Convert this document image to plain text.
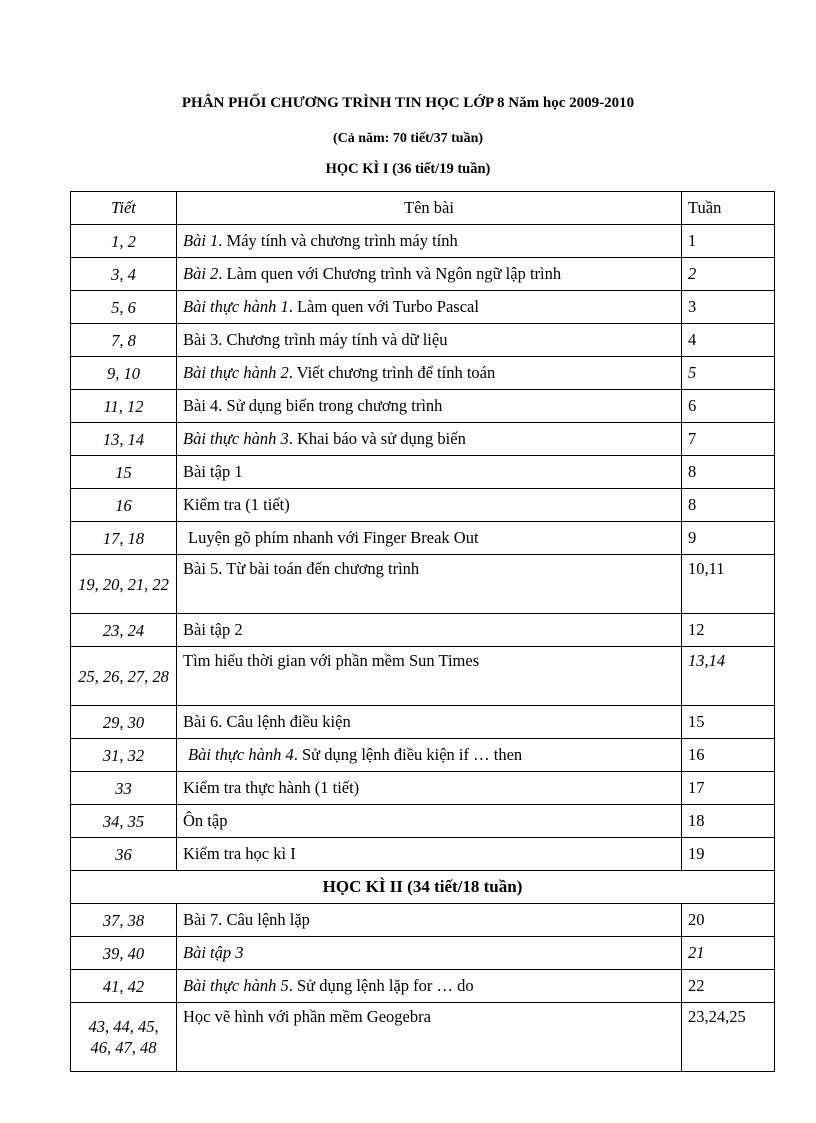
PHÂN PHỐI CHƯƠNG TRÌNH TIN HỌC LỚP 8 Năm học 2009-2010
(Cả năm: 70 tiết/37 tuần)
HỌC KÌ I (36 tiết/19 tuần)
Tiết	Tên bài	Tuần
1, 2	Bài 1. Máy tính và chương trình máy tính	1
3, 4	Bài 2. Làm quen với Chương trình và Ngôn ngữ lập trình	2
5, 6	Bài thực hành 1. Làm quen với Turbo Pascal	3
7, 8	Bài 3. Chương trình máy tính và dữ liệu	4
9, 10	Bài thực hành 2. Viết chương trình để tính toán	5
11, 12	Bài 4. Sử dụng biến trong chương trình	6
13, 14	Bài thực hành 3. Khai báo và sử dụng biến	7
15	Bài tập 1	8
16	Kiểm tra (1 tiết)	8
17, 18	Luyện gõ phím nhanh với Finger Break Out	9
19, 20, 21, 22	Bài 5. Từ bài toán đến chương trình	10,11
23, 24	Bài tập 2	12
25, 26, 27, 28	Tìm hiểu thời gian với phần mềm Sun Times	13,14
29, 30	Bài 6. Câu lệnh điều kiện	15
31, 32	Bài thực hành 4. Sử dụng lệnh điều kiện if … then	16
33	Kiểm tra thực hành (1 tiết)	17
34, 35	Ôn tập	18
36	Kiểm tra học kì I	19
HỌC KÌ II (34 tiết/18 tuần)		
37, 38	Bài 7. Câu lệnh lặp	20
39, 40	Bài tập 3	21
41, 42	Bài thực hành 5. Sử dụng lệnh lặp for … do	22
43, 44, 45, 46, 47, 48	Học vẽ hình với phần mềm Geogebra	23,24,25
